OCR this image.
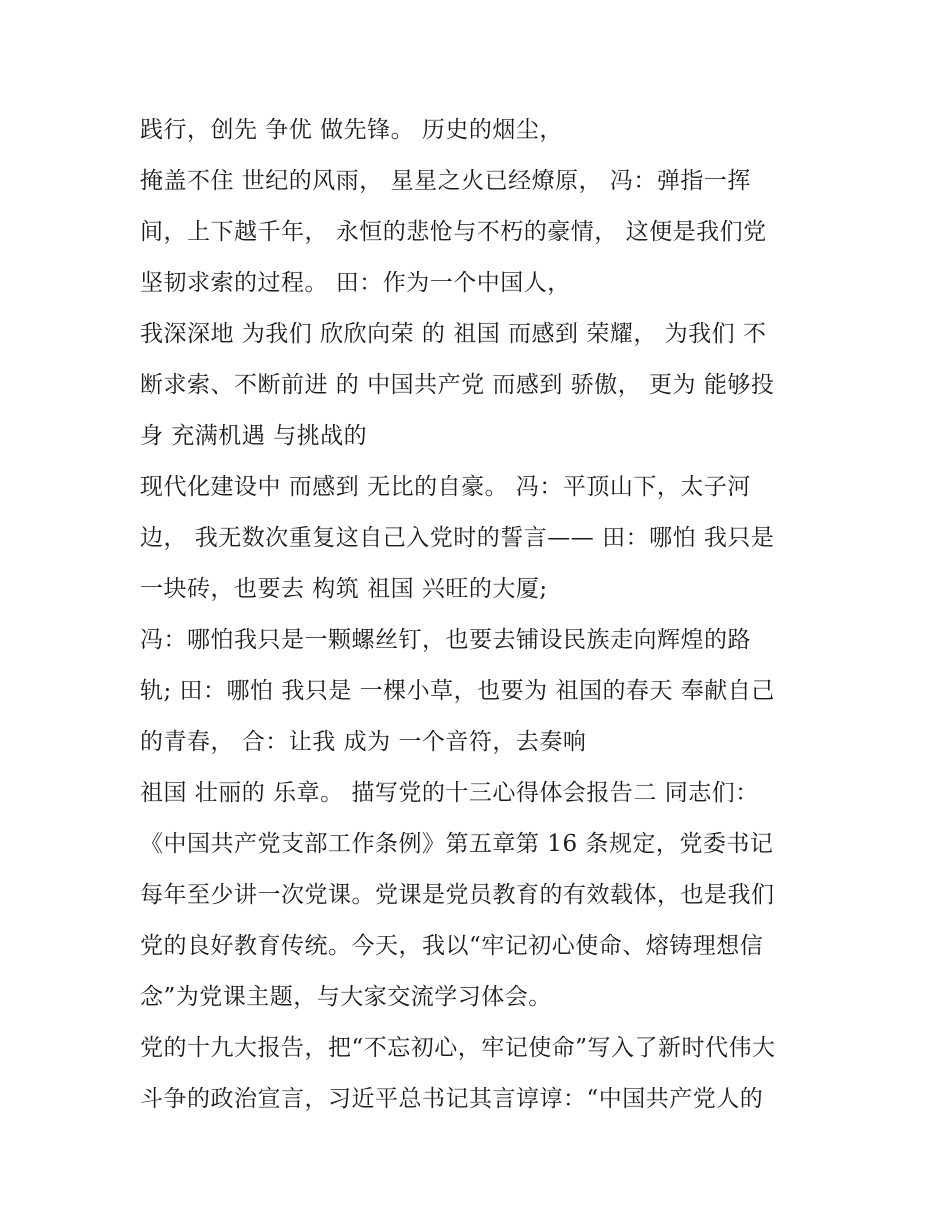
践行，创先 争优 做先锋。 历史的烟尘，
掩盖不住 世纪的风雨， 星星之火已经燎原， 冯：弹指一挥
间，上下越千年， 永恒的悲怆与不朽的豪情， 这便是我们党
坚韧求索的过程。 田：作为一个中国人，
我深深地 为我们 欣欣向荣 的 祖国 而感到 荣耀， 为我们 不
断求索、不断前进 的 中国共产党 而感到 骄傲， 更为 能够投
身 充满机遇 与挑战的
现代化建设中 而感到 无比的自豪。 冯：平顶山下，太子河
边， 我无数次重复这自己入党时的誓言—— 田：哪怕 我只是
一块砖，也要去 构筑 祖国 兴旺的大厦;
冯：哪怕我只是一颗螺丝钉，也要去铺设民族走向辉煌的路
轨; 田：哪怕 我只是 一棵小草，也要为 祖国的春天 奉献自己
的青春， 合：让我 成为 一个音符，去奏响
祖国 壮丽的 乐章。 描写党的十三心得体会报告二 同志们：
《中国共产党支部工作条例》第五章第 16 条规定，党委书记
每年至少讲一次党课。党课是党员教育的有效载体，也是我们
党的良好教育传统。今天，我以“牢记初心使命、熔铸理想信
念”为党课主题，与大家交流学习体会。
党的十九大报告，把“不忘初心，牢记使命”写入了新时代伟大
斗争的政治宣言，习近平总书记其言谆谆：“中国共产党人的
